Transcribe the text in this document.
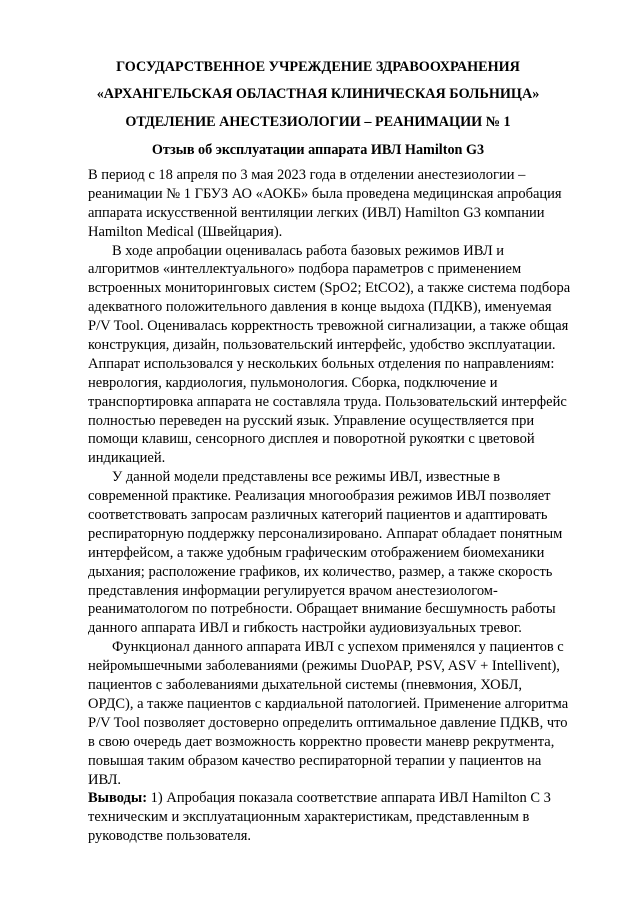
ГОСУДАРСТВЕННОЕ УЧРЕЖДЕНИЕ ЗДРАВООХРАНЕНИЯ
«АРХАНГЕЛЬСКАЯ ОБЛАСТНАЯ КЛИНИЧЕСКАЯ БОЛЬНИЦА»
ОТДЕЛЕНИЕ АНЕСТЕЗИОЛОГИИ – РЕАНИМАЦИИ № 1
Отзыв об эксплуатации аппарата ИВЛ Hamilton G3
В период с 18 апреля по 3 мая 2023 года в отделении анестезиологии –
реанимации № 1 ГБУЗ АО «АОКБ» была проведена медицинская апробация
аппарата искусственной вентиляции легких (ИВЛ) Hamilton G3 компании
Hamilton Medical (Швейцария).
В ходе апробации оценивалась работа базовых режимов ИВЛ и
алгоритмов «интеллектуального» подбора параметров с применением
встроенных мониторинговых систем (SpO2; EtCO2), а также система подбора
адекватного положительного давления в конце выдоха (ПДКВ), именуемая
P/V Tool. Оценивалась корректность тревожной сигнализации, а также общая
конструкция, дизайн, пользовательский интерфейс, удобство эксплуатации.
Аппарат использовался у нескольких больных отделения по направлениям:
неврология, кардиология, пульмонология. Сборка, подключение и
транспортировка аппарата не составляла труда. Пользовательский интерфейс
полностью переведен на русский язык. Управление осуществляется при
помощи клавиш, сенсорного дисплея и поворотной рукоятки с цветовой
индикацией.
У данной модели представлены все режимы ИВЛ, известные в
современной практике. Реализация многообразия режимов ИВЛ позволяет
соответствовать запросам различных категорий пациентов и адаптировать
респираторную поддержку персонализировано. Аппарат обладает понятным
интерфейсом, а также удобным графическим отображением биомеханики
дыхания; расположение графиков, их количество, размер, а также скорость
представления информации регулируется врачом анестезиологом-
реаниматологом по потребности. Обращает внимание бесшумность работы
данного аппарата ИВЛ и гибкость настройки аудиовизуальных тревог.
Функционал данного аппарата ИВЛ с успехом применялся у пациентов с
нейромышечными заболеваниями (режимы DuoPAP, PSV, ASV + Intellivent),
пациентов с заболеваниями дыхательной системы (пневмония, ХОБЛ,
ОРДС), а также пациентов с кардиальной патологией. Применение алгоритма
P/V Tool позволяет достоверно определить оптимальное давление ПДКВ, что
в свою очередь дает возможность корректно провести маневр рекрутмента,
повышая таким образом качество респираторной терапии у пациентов на
ИВЛ.
Выводы: 1) Апробация показала соответствие аппарата ИВЛ Hamilton C 3
техническим и эксплуатационным характеристикам, представленным в
руководстве пользователя.
